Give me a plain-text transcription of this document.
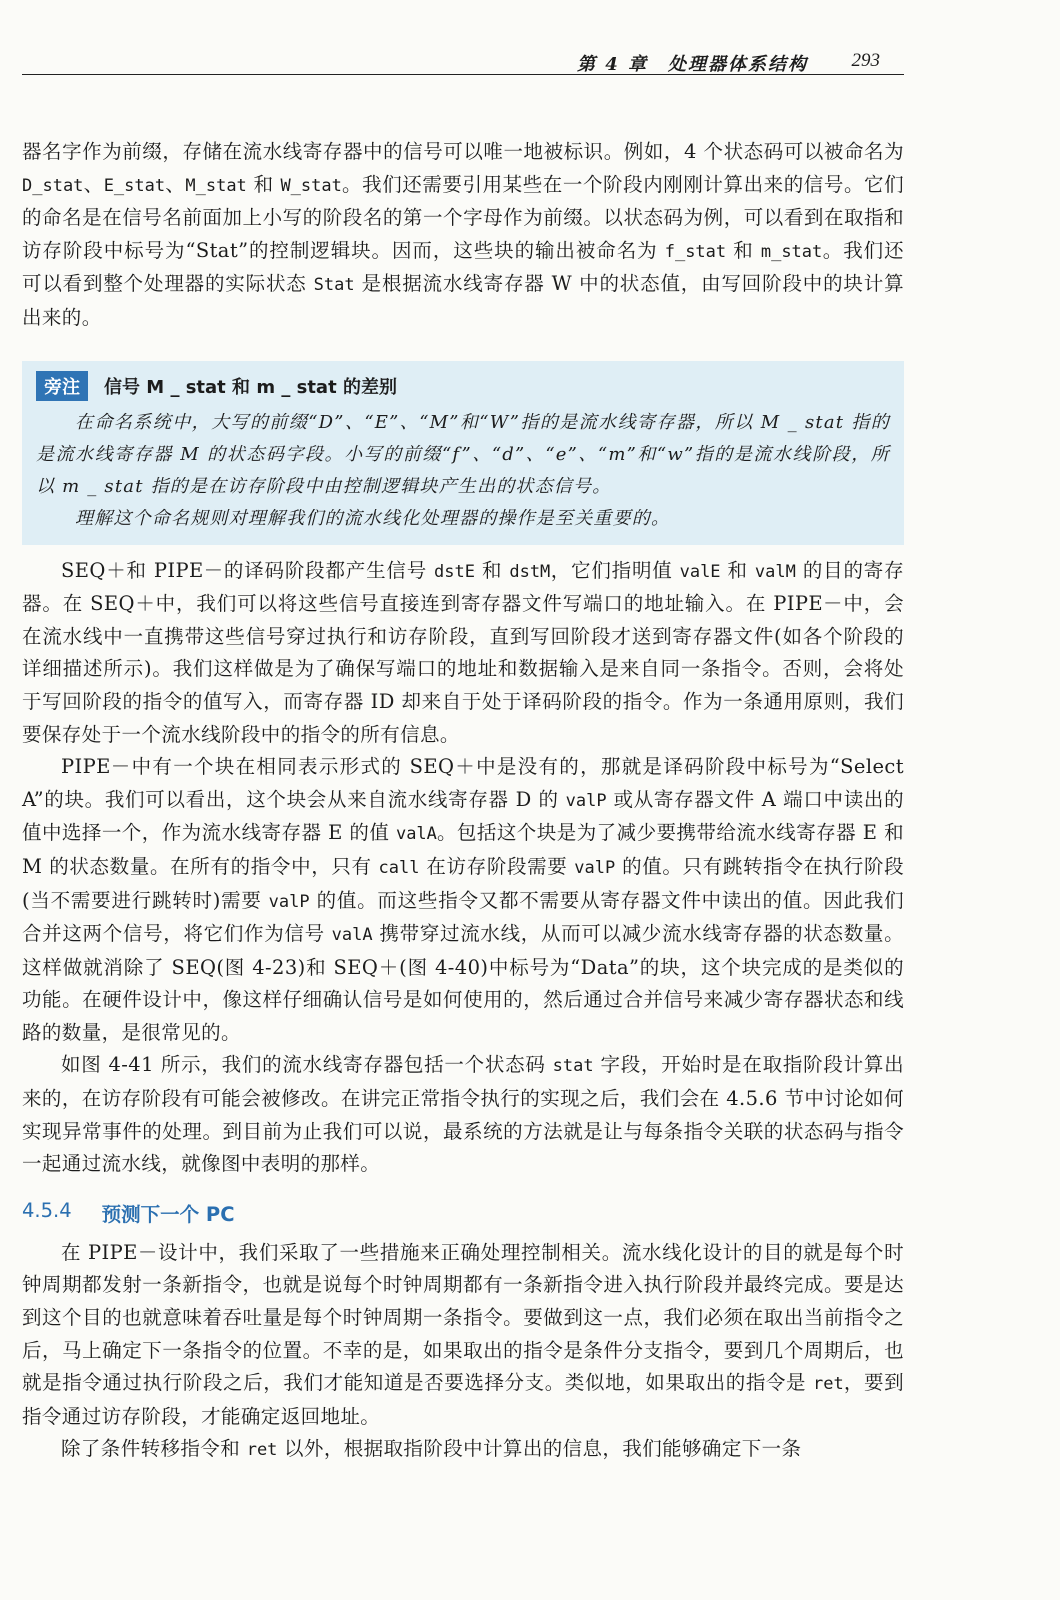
第 4 章　处理器体系结构 293

器名字作为前缀，存储在流水线寄存器中的信号可以唯一地被标识。例如，4 个状态码可以被命名为 D_stat、E_stat、M_stat 和 W_stat。我们还需要引用某些在一个阶段内刚刚计算出来的信号。它们的命名是在信号名前面加上小写的阶段名的第一个字母作为前缀。以状态码为例，可以看到在取指和访存阶段中标号为“Stat”的控制逻辑块。因而，这些块的输出被命名为 f_stat 和 m_stat。我们还可以看到整个处理器的实际状态 Stat 是根据流水线寄存器 W 中的状态值，由写回阶段中的块计算出来的。

旁注	信号 M _ stat 和 m _ stat 的差别

在命名系统中，大写的前缀“D”、“E”、“M”和“W”指的是流水线寄存器，所以 M _ stat 指的是流水线寄存器 M 的状态码字段。小写的前缀“f”、“d”、“e”、“m”和“w”指的是流水线阶段，所以 m _ stat 指的是在访存阶段中由控制逻辑块产生出的状态信号。

理解这个命名规则对理解我们的流水线化处理器的操作是至关重要的。

SEQ＋和 PIPE－的译码阶段都产生信号 dstE 和 dstM，它们指明值 valE 和 valM 的目的寄存器。在 SEQ＋中，我们可以将这些信号直接连到寄存器文件写端口的地址输入。在 PIPE－中，会在流水线中一直携带这些信号穿过执行和访存阶段，直到写回阶段才送到寄存器文件(如各个阶段的详细描述所示)。我们这样做是为了确保写端口的地址和数据输入是来自同一条指令。否则，会将处于写回阶段的指令的值写入，而寄存器 ID 却来自于处于译码阶段的指令。作为一条通用原则，我们要保存处于一个流水线阶段中的指令的所有信息。

PIPE－中有一个块在相同表示形式的 SEQ＋中是没有的，那就是译码阶段中标号为“Select A”的块。我们可以看出，这个块会从来自流水线寄存器 D 的 valP 或从寄存器文件 A 端口中读出的值中选择一个，作为流水线寄存器 E 的值 valA。包括这个块是为了减少要携带给流水线寄存器 E 和 M 的状态数量。在所有的指令中，只有 call 在访存阶段需要 valP 的值。只有跳转指令在执行阶段(当不需要进行跳转时)需要 valP 的值。而这些指令又都不需要从寄存器文件中读出的值。因此我们合并这两个信号，将它们作为信号 valA 携带穿过流水线，从而可以减少流水线寄存器的状态数量。这样做就消除了 SEQ(图 4-23)和 SEQ＋(图 4-40)中标号为“Data”的块，这个块完成的是类似的功能。在硬件设计中，像这样仔细确认信号是如何使用的，然后通过合并信号来减少寄存器状态和线路的数量，是很常见的。

如图 4-41 所示，我们的流水线寄存器包括一个状态码 stat 字段，开始时是在取指阶段计算出来的，在访存阶段有可能会被修改。在讲完正常指令执行的实现之后，我们会在 4.5.6 节中讨论如何实现异常事件的处理。到目前为止我们可以说，最系统的方法就是让与每条指令关联的状态码与指令一起通过流水线，就像图中表明的那样。

4.5.4 预测下一个 PC

在 PIPE－设计中，我们采取了一些措施来正确处理控制相关。流水线化设计的目的就是每个时钟周期都发射一条新指令，也就是说每个时钟周期都有一条新指令进入执行阶段并最终完成。要是达到这个目的也就意味着吞吐量是每个时钟周期一条指令。要做到这一点，我们必须在取出当前指令之后，马上确定下一条指令的位置。不幸的是，如果取出的指令是条件分支指令，要到几个周期后，也就是指令通过执行阶段之后，我们才能知道是否要选择分支。类似地，如果取出的指令是 ret，要到指令通过访存阶段，才能确定返回地址。

除了条件转移指令和 ret 以外，根据取指阶段中计算出的信息，我们能够确定下一条
